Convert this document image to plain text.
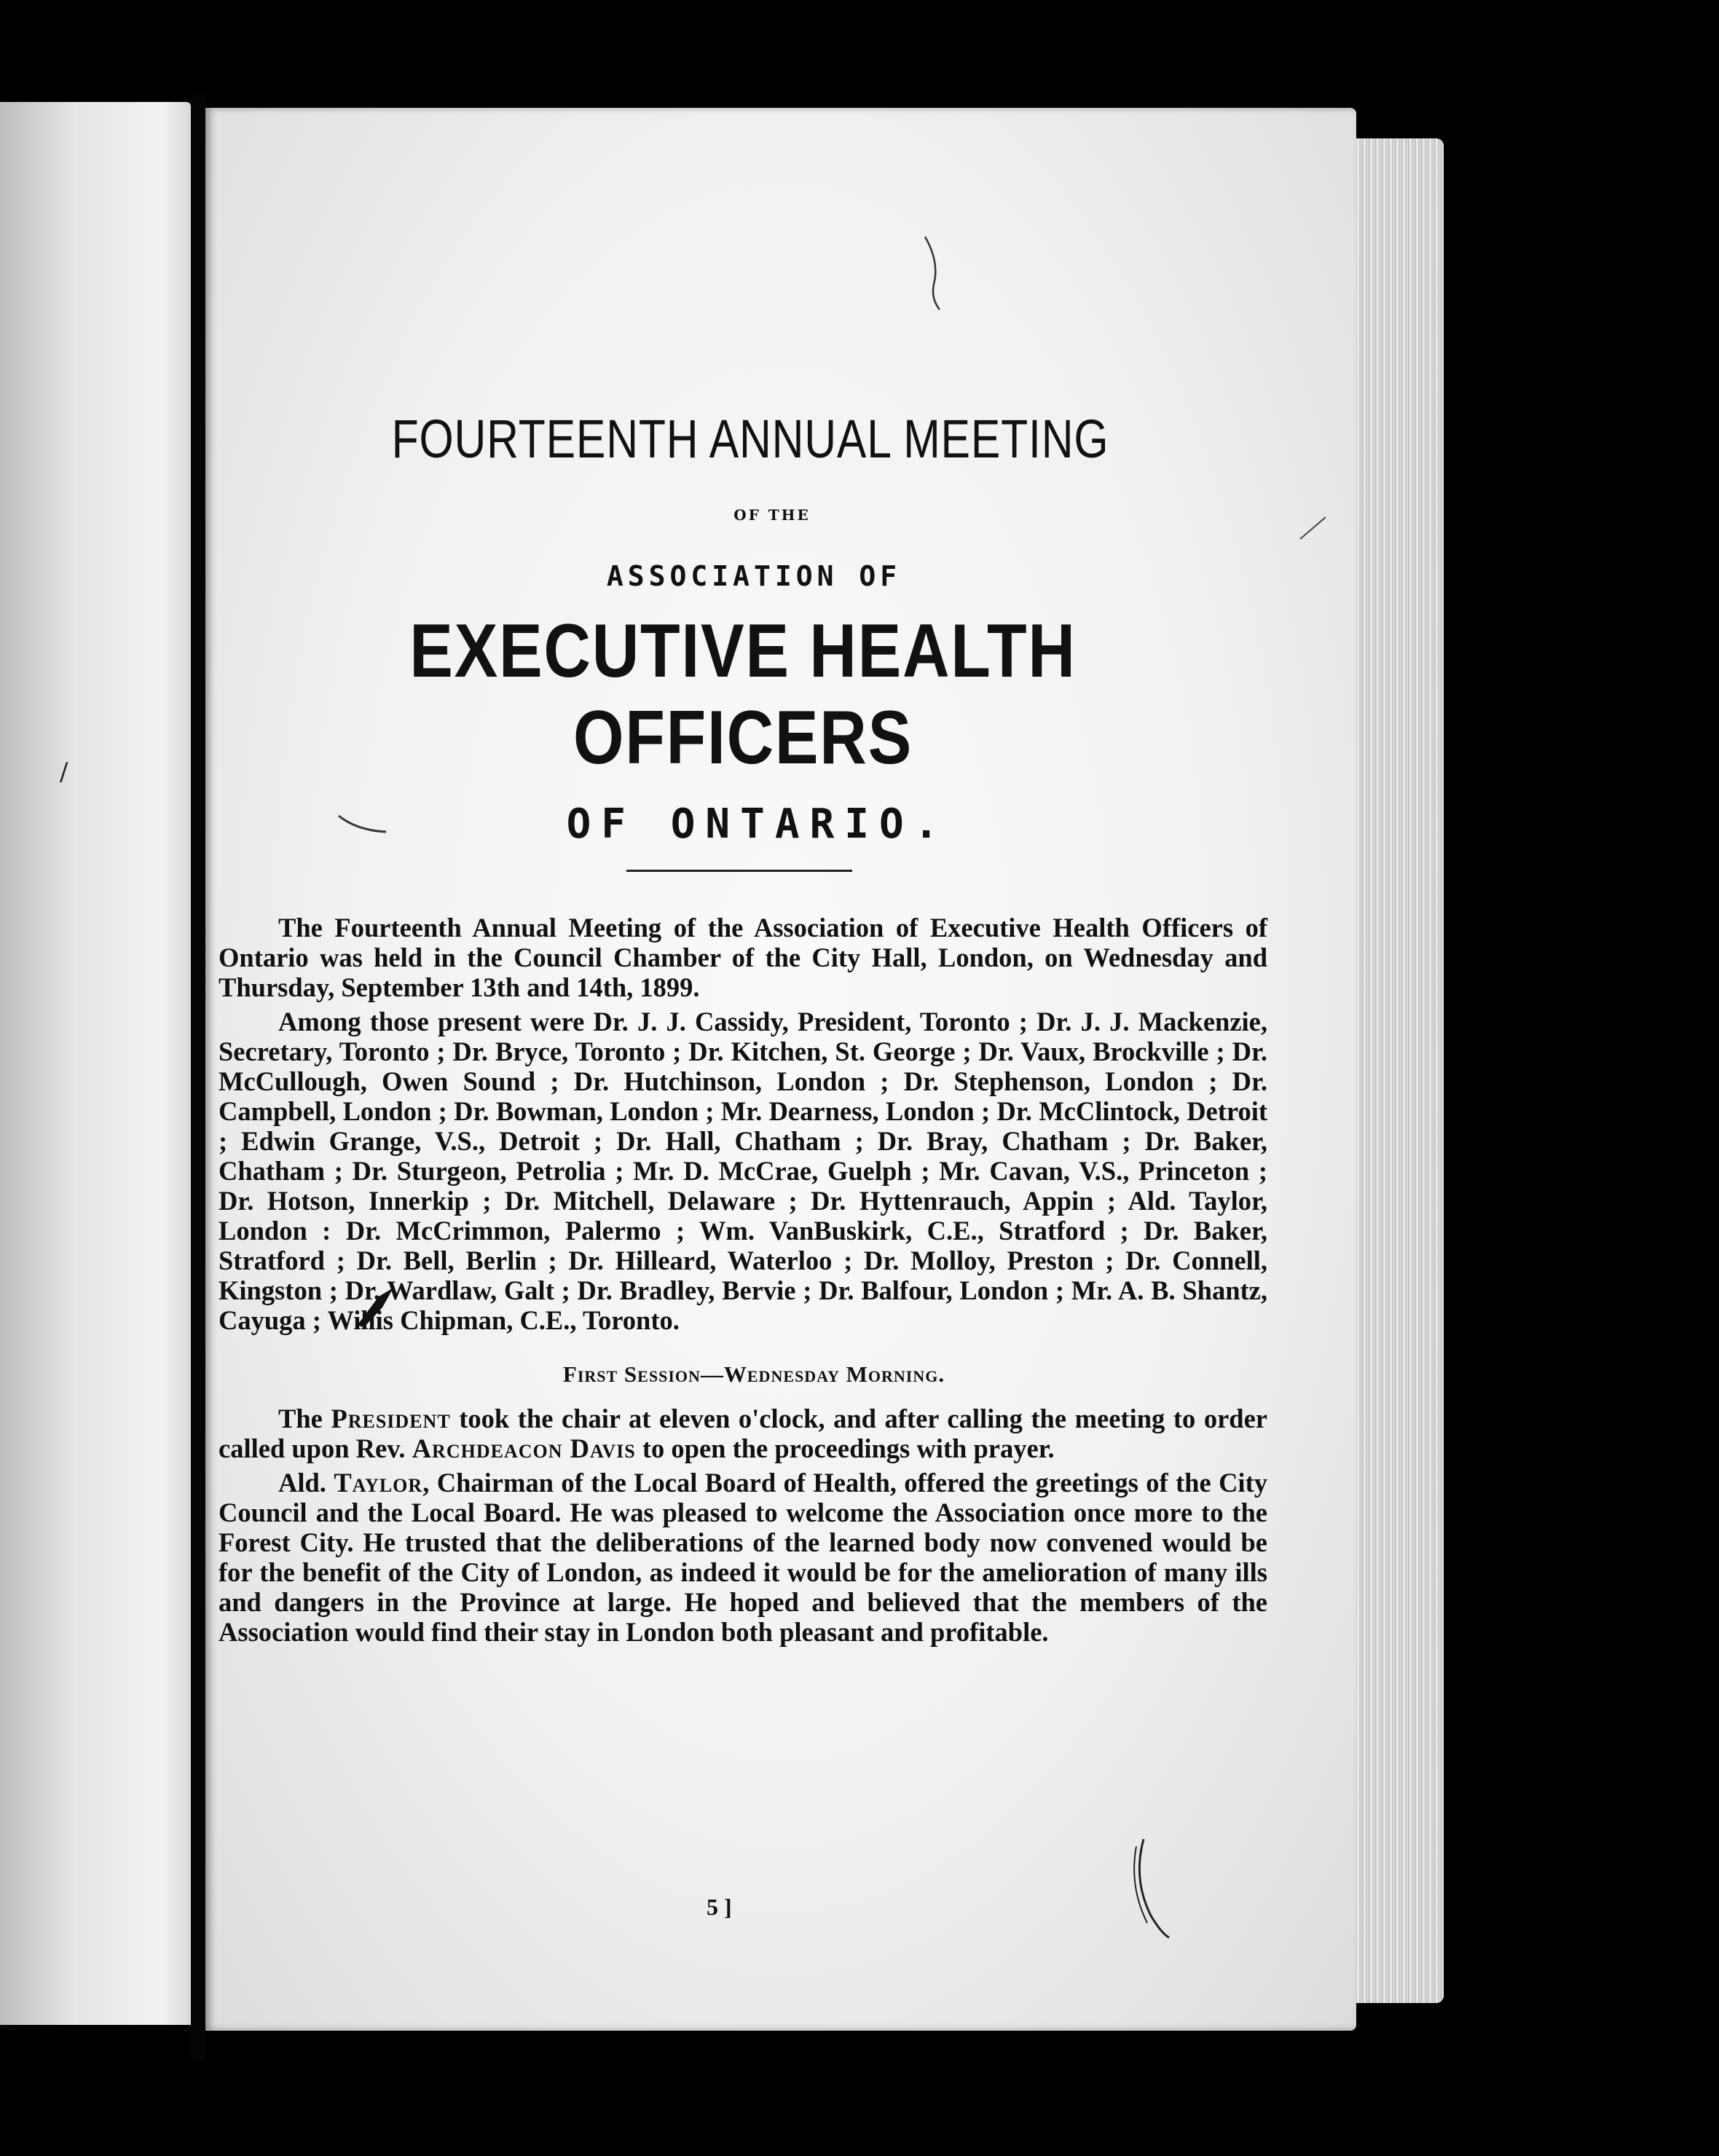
/
FOURTEENTH ANNUAL MEETING
OF THE
ASSOCIATION OF
EXECUTIVE HEALTH OFFICERS
OF ONTARIO.

The Fourteenth Annual Meeting of the Association of Executive Health Officers of Ontario was held in the Council Chamber of the City Hall, London, on Wednesday and Thursday, September 13th and 14th, 1899.

Among those present were Dr. J. J. Cassidy, President, Toronto ; Dr. J. J. Mackenzie, Secretary, Toronto ; Dr. Bryce, Toronto ; Dr. Kitchen, St. George ; Dr. Vaux, Brockville ; Dr. McCullough, Owen Sound ; Dr. Hutchinson, London ; Dr. Stephenson, London ; Dr. Campbell, London ; Dr. Bowman, London ; Mr. Dearness, London ; Dr. McClintock, Detroit ; Edwin Grange, V.S., Detroit ; Dr. Hall, Chatham ; Dr. Bray, Chatham ; Dr. Baker, Chatham ; Dr. Sturgeon, Petrolia ; Mr. D. McCrae, Guelph ; Mr. Cavan, V.S., Princeton ; Dr. Hotson, Innerkip ; Dr. Mitchell, Delaware ; Dr. Hyttenrauch, Appin ; Ald. Taylor, London : Dr. McCrimmon, Palermo ; Wm. VanBuskirk, C.E., Stratford ; Dr. Baker, Stratford ; Dr. Bell, Berlin ; Dr. Hilleard, Waterloo ; Dr. Molloy, Preston ; Dr. Connell, Kingston ; Dr. Wardlaw, Galt ; Dr. Bradley, Bervie ; Dr. Balfour, London ; Mr. A. B. Shantz, Cayuga ; Willis Chipman, C.E., Toronto.

First Session—Wednesday Morning.

The President took the chair at eleven o'clock, and after calling the meeting to order called upon Rev. Archdeacon Davis to open the proceedings with prayer.

Ald. Taylor, Chairman of the Local Board of Health, offered the greetings of the City Council and the Local Board. He was pleased to welcome the Association once more to the Forest City. He trusted that the deliberations of the learned body now convened would be for the benefit of the City of London, as indeed it would be for the amelioration of many ills and dangers in the Province at large. He hoped and believed that the members of the Association would find their stay in London both pleasant and profitable.

5 ]
